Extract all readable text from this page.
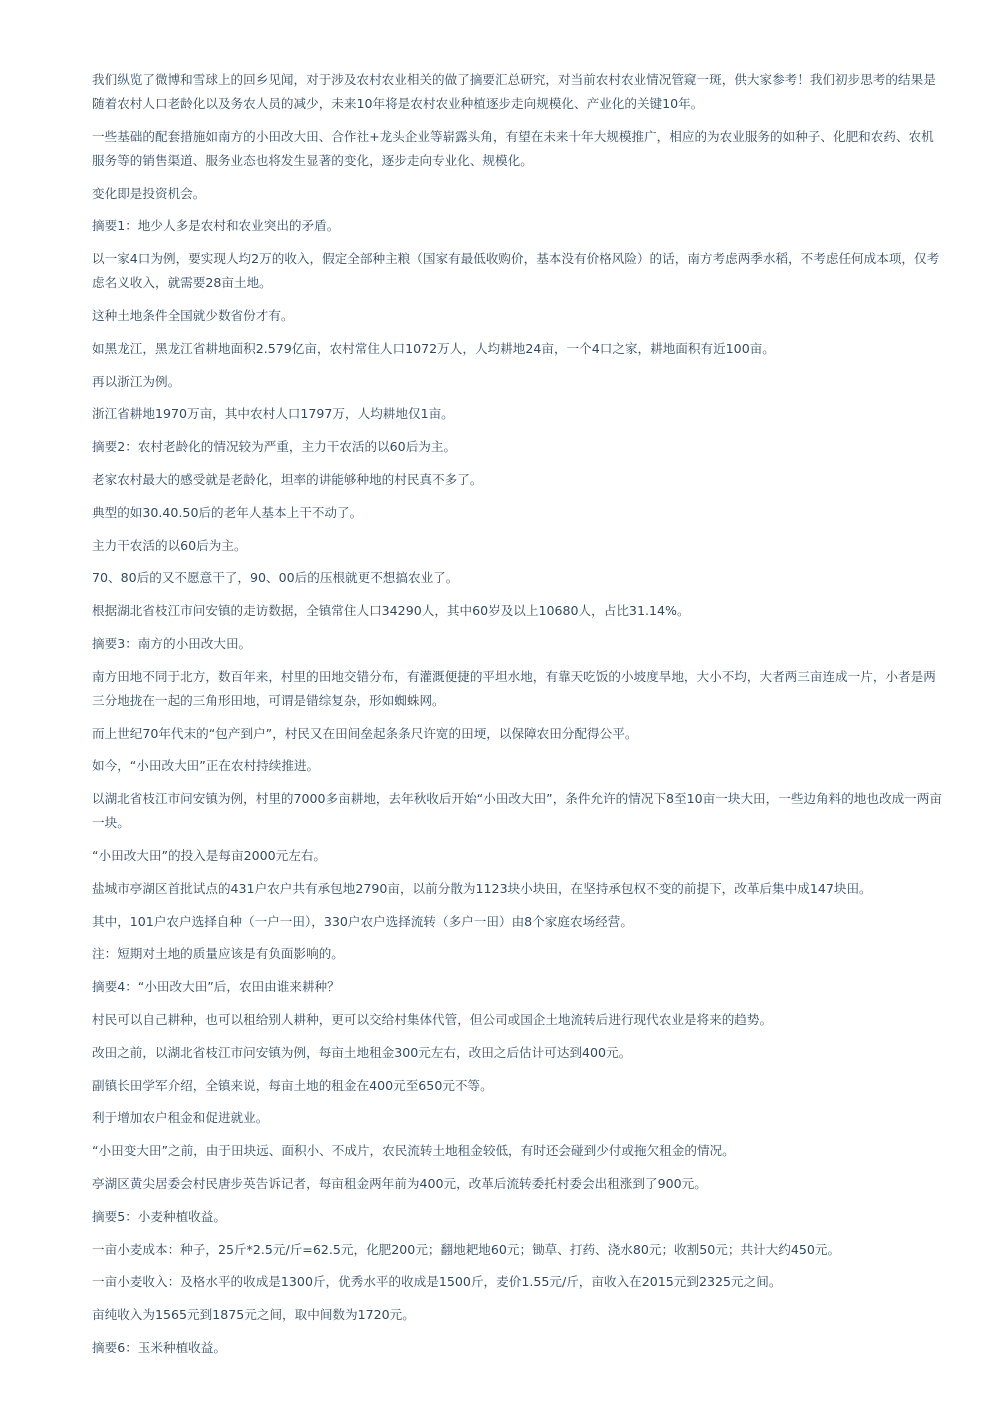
我们纵览了微博和雪球上的回乡见闻，对于涉及农村农业相关的做了摘要汇总研究，对当前农村农业情况管窥一斑，供大家参考！我们初步思考的结果是随着农村人口老龄化以及务农人员的减少，未来10年将是农村农业种植逐步走向规模化、产业化的关键10年。

一些基础的配套措施如南方的小田改大田、合作社+龙头企业等崭露头角，有望在未来十年大规模推广，相应的为农业服务的如种子、化肥和农药、农机服务等的销售渠道、服务业态也将发生显著的变化，逐步走向专业化、规模化。

变化即是投资机会。

摘要1：地少人多是农村和农业突出的矛盾。

以一家4口为例，要实现人均2万的收入，假定全部种主粮（国家有最低收购价，基本没有价格风险）的话，南方考虑两季水稻，不考虑任何成本项，仅考虑名义收入，就需要28亩土地。

这种土地条件全国就少数省份才有。

如黑龙江，黑龙江省耕地面积2.579亿亩，农村常住人口1072万人，人均耕地24亩，一个4口之家，耕地面积有近100亩。

再以浙江为例。

浙江省耕地1970万亩，其中农村人口1797万，人均耕地仅1亩。

摘要2：农村老龄化的情况较为严重，主力干农活的以60后为主。

老家农村最大的感受就是老龄化，坦率的讲能够种地的村民真不多了。

典型的如30.40.50后的老年人基本上干不动了。

主力干农活的以60后为主。

70、80后的又不愿意干了，90、00后的压根就更不想搞农业了。

根据湖北省枝江市问安镇的走访数据，全镇常住人口34290人，其中60岁及以上10680人，占比31.14%。

摘要3：南方的小田改大田。

南方田地不同于北方，数百年来，村里的田地交错分布，有灌溉便捷的平坦水地，有靠天吃饭的小坡度旱地，大小不均，大者两三亩连成一片，小者是两三分地拢在一起的三角形田地，可谓是错综复杂，形如蜘蛛网。

而上世纪70年代末的“包产到户”，村民又在田间垒起条条尺许宽的田埂，以保障农田分配得公平。

如今，“小田改大田”正在农村持续推进。

以湖北省枝江市问安镇为例，村里的7000多亩耕地，去年秋收后开始“小田改大田”，条件允许的情况下8至10亩一块大田，一些边角料的地也改成一两亩一块。

“小田改大田”的投入是每亩2000元左右。

盐城市亭湖区首批试点的431户农户共有承包地2790亩，以前分散为1123块小块田，在坚持承包权不变的前提下，改革后集中成147块田。

其中，101户农户选择自种（一户一田），330户农户选择流转（多户一田）由8个家庭农场经营。

注：短期对土地的质量应该是有负面影响的。

摘要4：“小田改大田”后，农田由谁来耕种？

村民可以自己耕种，也可以租给别人耕种，更可以交给村集体代管，但公司或国企土地流转后进行现代农业是将来的趋势。

改田之前，以湖北省枝江市问安镇为例，每亩土地租金300元左右，改田之后估计可达到400元。

副镇长田学军介绍，全镇来说，每亩土地的租金在400元至650元不等。

利于增加农户租金和促进就业。

“小田变大田”之前，由于田块远、面积小、不成片，农民流转土地租金较低，有时还会碰到少付或拖欠租金的情况。

亭湖区黄尖居委会村民唐步英告诉记者，每亩租金两年前为400元，改革后流转委托村委会出租涨到了900元。

摘要5：小麦种植收益。

一亩小麦成本：种子，25斤*2.5元/斤=62.5元，化肥200元；翻地耙地60元；锄草、打药、浇水80元；收割50元；共计大约450元。

一亩小麦收入：及格水平的收成是1300斤，优秀水平的收成是1500斤，麦价1.55元/斤，亩收入在2015元到2325元之间。

亩纯收入为1565元到1875元之间，取中间数为1720元。

摘要6：玉米种植收益。
